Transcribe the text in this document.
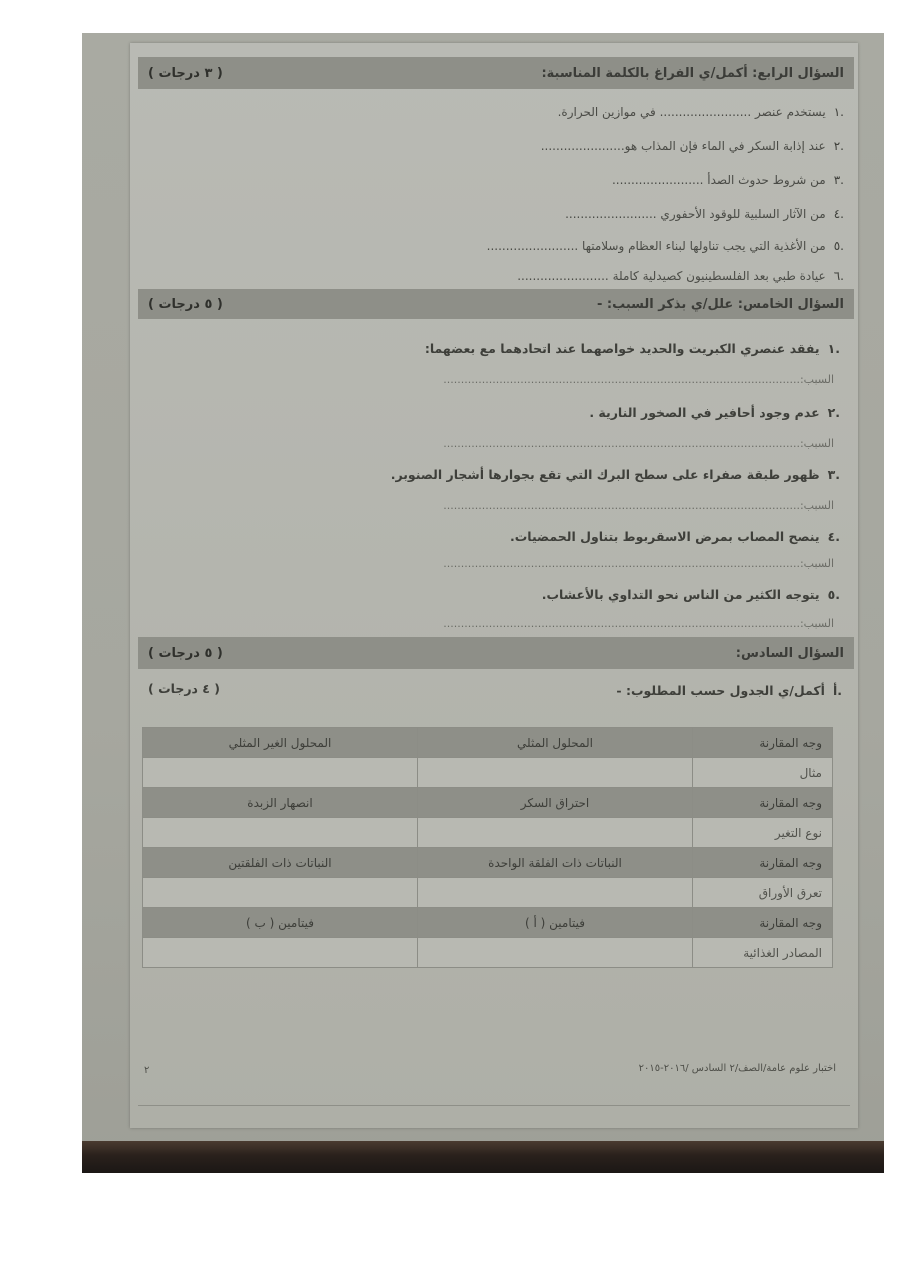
السؤال الرابع: أكمل/ي الفراغ بالكلمة المناسبة:
( ٣ درجات )
.١يستخدم عنصر ........................ في موازين الحرارة.
.٢عند إذابة السكر في الماء فإن المذاب هو......................
.٣من شروط حدوث الصدأ ........................
.٤من الآثار السلبية للوقود الأحفوري ........................
.٥من الأغذية التي يجب تناولها لبناء العظام وسلامتها ........................
.٦عيادة طبي بعد الفلسطينيون كصيدلية كاملة ........................
السؤال الخامس: علل/ي بذكر السبب: -
( ٥ درجات )
.١يفقد عنصري الكبريت والحديد خواصهما عند اتحادهما مع بعضهما:
السبب:......................................................................................................
.٢عدم وجود أحافير في الصخور النارية .
السبب:......................................................................................................
.٣ظهور طبقة صفراء على سطح البرك التي تقع بجوارها أشجار الصنوبر.
السبب:......................................................................................................
.٤ينصح المصاب بمرض الاسقربوط بتناول الحمضيات.
السبب:......................................................................................................
.٥يتوجه الكثير من الناس نحو التداوي بالأعشاب.
السبب:......................................................................................................
السؤال السادس:
( ٥ درجات )
.أأكمل/ي الجدول حسب المطلوب: -
( ٤ درجات )
وجه المقارنة	المحلول المثلي	المحلول الغير المثلي
مثال		
وجه المقارنة	احتراق السكر	انصهار الزبدة
نوع التغير		
وجه المقارنة	النباتات ذات الفلقة الواحدة	النباتات ذات الفلقتين
تعرق الأوراق		
وجه المقارنة	فيتامين ( أ )	فيتامين ( ب )
المصادر الغذائية		
اختبار علوم عامة/الصف/٢ السادس /٢٠١٦-٢٠١٥
٢
